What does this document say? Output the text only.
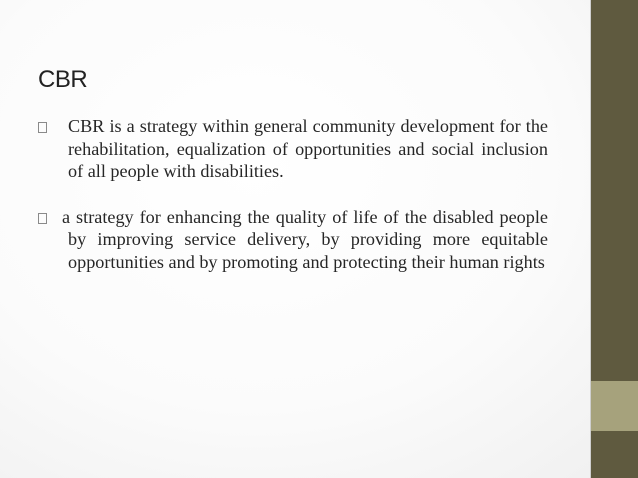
CBR
CBR is a strategy within general community development for the rehabilitation, equalization of opportunities and social inclusion of all people with disabilities.
a strategy for enhancing the quality of life of the disabled people by improving service delivery, by providing more equitable opportunities and by promoting and protecting their human rights
